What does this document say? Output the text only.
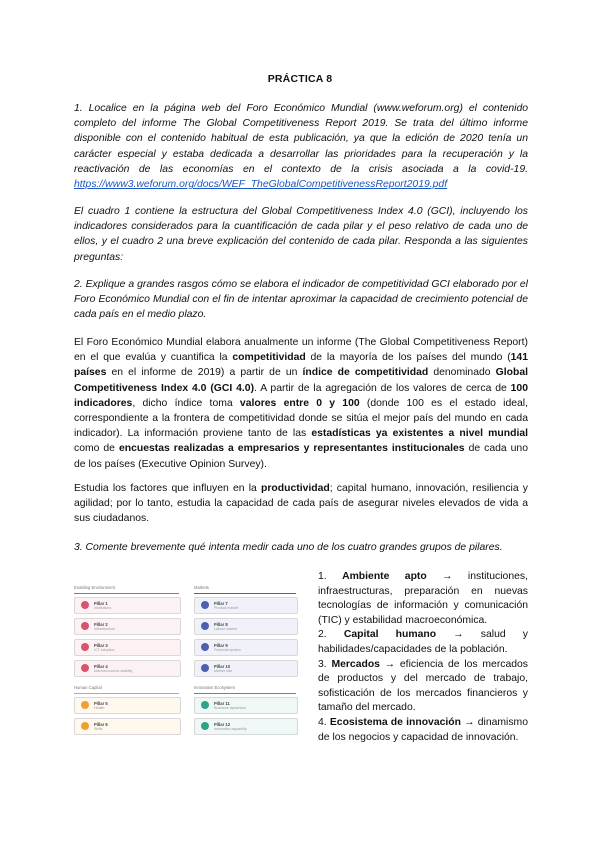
PRÁCTICA 8
1. Localice en la página web del Foro Económico Mundial (www.weforum.org) el contenido completo del informe The Global Competitiveness Report 2019. Se trata del último informe disponible con el contenido habitual de esta publicación, ya que la edición de 2020 tenía un carácter especial y estaba dedicada a desarrollar las prioridades para la recuperación y la reactivación de las economías en el contexto de la crisis asociada a la covid-19. https://www3.weforum.org/docs/WEF_TheGlobalCompetitivenessReport2019.pdf
El cuadro 1 contiene la estructura del Global Competitiveness Index 4.0 (GCI), incluyendo los indicadores considerados para la cuantificación de cada pilar y el peso relativo de cada uno de ellos, y el cuadro 2 una breve explicación del contenido de cada pilar. Responda a las siguientes preguntas:
2. Explique a grandes rasgos cómo se elabora el indicador de competitividad GCI elaborado por el Foro Económico Mundial con el fin de intentar aproximar la capacidad de crecimiento potencial de cada país en el medio plazo.
El Foro Económico Mundial elabora anualmente un informe (The Global Competitiveness Report) en el que evalúa y cuantifica la competitividad de la mayoría de los países del mundo (141 países en el informe de 2019) a partir de un índice de competitividad denominado Global Competitiveness Index 4.0 (GCI 4.0). A partir de la agregación de los valores de cerca de 100 indicadores, dicho índice toma valores entre 0 y 100 (donde 100 es el estado ideal, correspondiente a la frontera de competitividad donde se sitúa el mejor país del mundo en cada indicador). La información proviene tanto de las estadísticas ya existentes a nivel mundial como de encuestas realizadas a empresarios y representantes institucionales de cada uno de los países (Executive Opinion Survey).
Estudia los factores que influyen en la productividad; capital humano, innovación, resiliencia y agilidad; por lo tanto, estudia la capacidad de cada país de asegurar niveles elevados de vida a sus ciudadanos.
3. Comente brevemente qué intenta medir cada uno de los cuatro grandes grupos de pilares.
Enabling Environment	Markets
Human Capital	Innovation Ecosystem
Pillar 1
Institutions
Pillar 2
Infrastructure
Pillar 3
ICT adoption
Pillar 4
Macroeconomic stability
Pillar 7
Product market
Pillar 8
Labour market
Pillar 9
Financial system
Pillar 10
Market size
Pillar 5
Health
Pillar 6
Skills
Pillar 11
Business dynamism
Pillar 12
Innovation capability

1. Ambiente apto → instituciones, infraestructuras, preparación en nuevas tecnologías de información y comunicación (TIC) y estabilidad macroeconómica.

2. Capital humano → salud y habilidades/capacidades de la población.

3. Mercados → eficiencia de los mercados de productos y del mercado de trabajo, sofisticación de los mercados financieros y tamaño del mercado.

4. Ecosistema de innovación → dinamismo de los negocios y capacidad de innovación.
